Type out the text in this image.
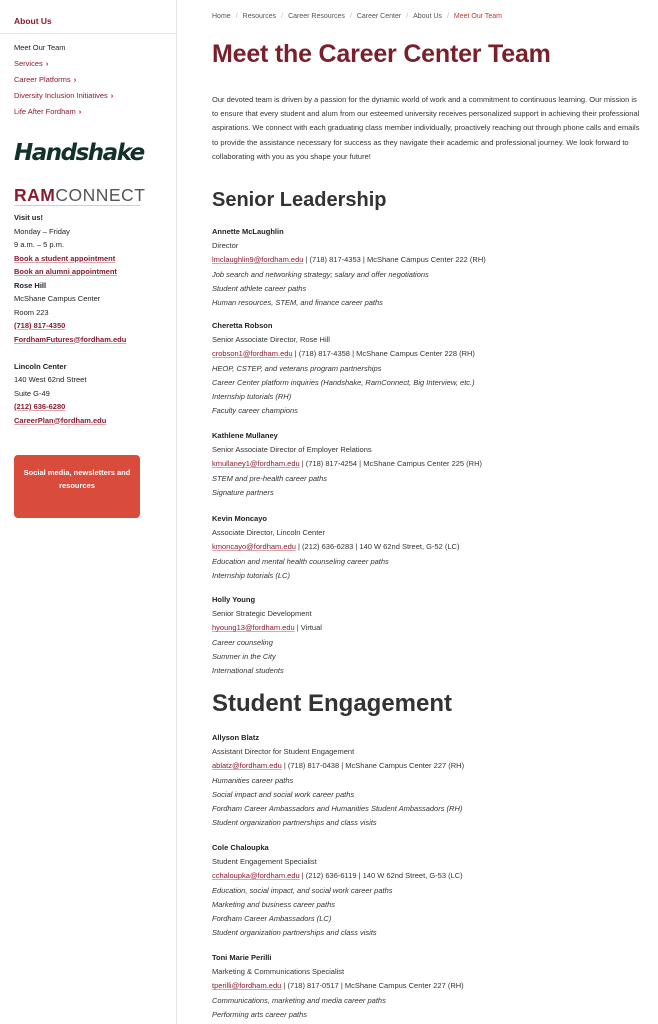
About Us
Meet Our Team
Services ›
Career Platforms ›
Diversity Inclusion Initiatives ›
Life After Fordham ›
Handshake
RAMCONNECT
Visit us!
Monday – Friday
9 a.m. – 5 p.m.
Book a student appointment
Book an alumni appointment
Rose Hill
McShane Campus Center
Room 223
(718) 817-4350
FordhamFutures@fordham.edu
Lincoln Center
140 West 62nd Street
Suite G-49
(212) 636-6280
CareerPlan@fordham.edu
Social media, newsletters and resources
Home / Resources / Career Resources / Career Center / About Us / Meet Our Team
Meet the Career Center Team

Our devoted team is driven by a passion for the dynamic world of work and a commitment to continuous learning. Our mission is to ensure that every student and alum from our esteemed university receives personalized support in achieving their professional aspirations. We connect with each graduating class member individually, proactively reaching out through phone calls and emails to provide the assistance necessary for success as they navigate their academic and professional journey. We look forward to collaborating with you as you shape your future!

Senior Leadership
Annette McLaughlin
Director
lmclaughlin9@fordham.edu | (718) 817-4353 | McShane Campus Center 222 (RH)
Job search and networking strategy; salary and offer negotiations
Student athlete career paths
Human resources, STEM, and finance career paths
Cheretta Robson
Senior Associate Director, Rose Hill
crobson1@fordham.edu | (718) 817-4358 | McShane Campus Center 228 (RH)
HEOP, CSTEP, and veterans program partnerships
Career Center platform inquiries (Handshake, RamConnect, Big Interview, etc.)
Internship tutorials (RH)
Faculty career champions
Kathlene Mullaney
Senior Associate Director of Employer Relations
kmullaney1@fordham.edu | (718) 817-4254 | McShane Campus Center 225 (RH)
STEM and pre-health career paths
Signature partners
Kevin Moncayo
Associate Director, Lincoln Center
kmoncayo@fordham.edu | (212) 636-6283 | 140 W 62nd Street, G-52 (LC)
Education and mental health counseling career paths
Internship tutorials (LC)
Holly Young
Senior Strategic Development
hyoung13@fordham.edu | Virtual
Career counseling
Summer in the City
International students
Student Engagement
Allyson Blatz
Assistant Director for Student Engagement
ablatz@fordham.edu | (718) 817-0438 | McShane Campus Center 227 (RH)
Humanities career paths
Social impact and social work career paths
Fordham Career Ambassadors and Humanities Student Ambassadors (RH)
Student organization partnerships and class visits
Cole Chaloupka
Student Engagement Specialist
cchaloupka@fordham.edu | (212) 636-6119 | 140 W 62nd Street, G-53 (LC)
Education, social impact, and social work career paths
Marketing and business career paths
Fordham Career Ambassadors (LC)
Student organization partnerships and class visits
Toni Marie Perilli
Marketing & Communications Specialist
tperilli@fordham.edu | (718) 817-0517 | McShane Campus Center 227 (RH)
Communications, marketing and media career paths
Performing arts career paths
